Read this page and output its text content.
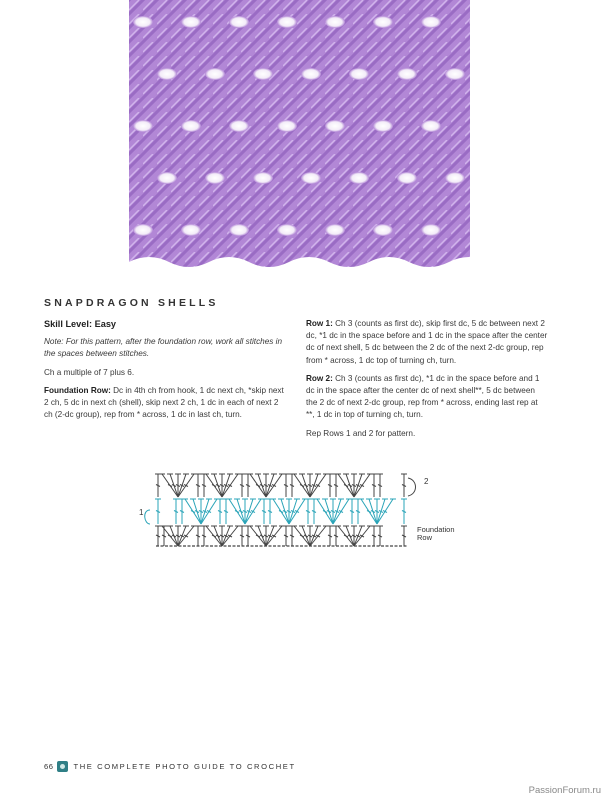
SNAPDRAGON SHELLS

Skill Level: Easy

Note: For this pattern, after the foundation row, work all stitches in the spaces between stitches.

Ch a multiple of 7 plus 6.

Foundation Row: Dc in 4th ch from hook, 1 dc next ch, *skip next 2 ch, 5 dc in next ch (shell), skip next 2 ch, 1 dc in each of next 2 ch (2-dc group), rep from * across, 1 dc in last ch, turn.

Row 1: Ch 3 (counts as first dc), skip first dc, 5 dc between next 2 dc, *1 dc in the space before and 1 dc in the space after the center dc of next shell, 5 dc between the 2 dc of the next 2-dc group, rep from * across, 1 dc top of turning ch, turn.

Row 2: Ch 3 (counts as first dc), *1 dc in the space before and 1 dc in the space after the center dc of next shell**, 5 dc between the 2 dc of next 2-dc group, rep from * across, ending last rep at **, 1 dc in top of turning ch, turn.

Rep Rows 1 and 2 for pattern.

1
2
Foundation Row
66	THE COMPLETE PHOTO GUIDE TO CROCHET
PassionForum.ru
